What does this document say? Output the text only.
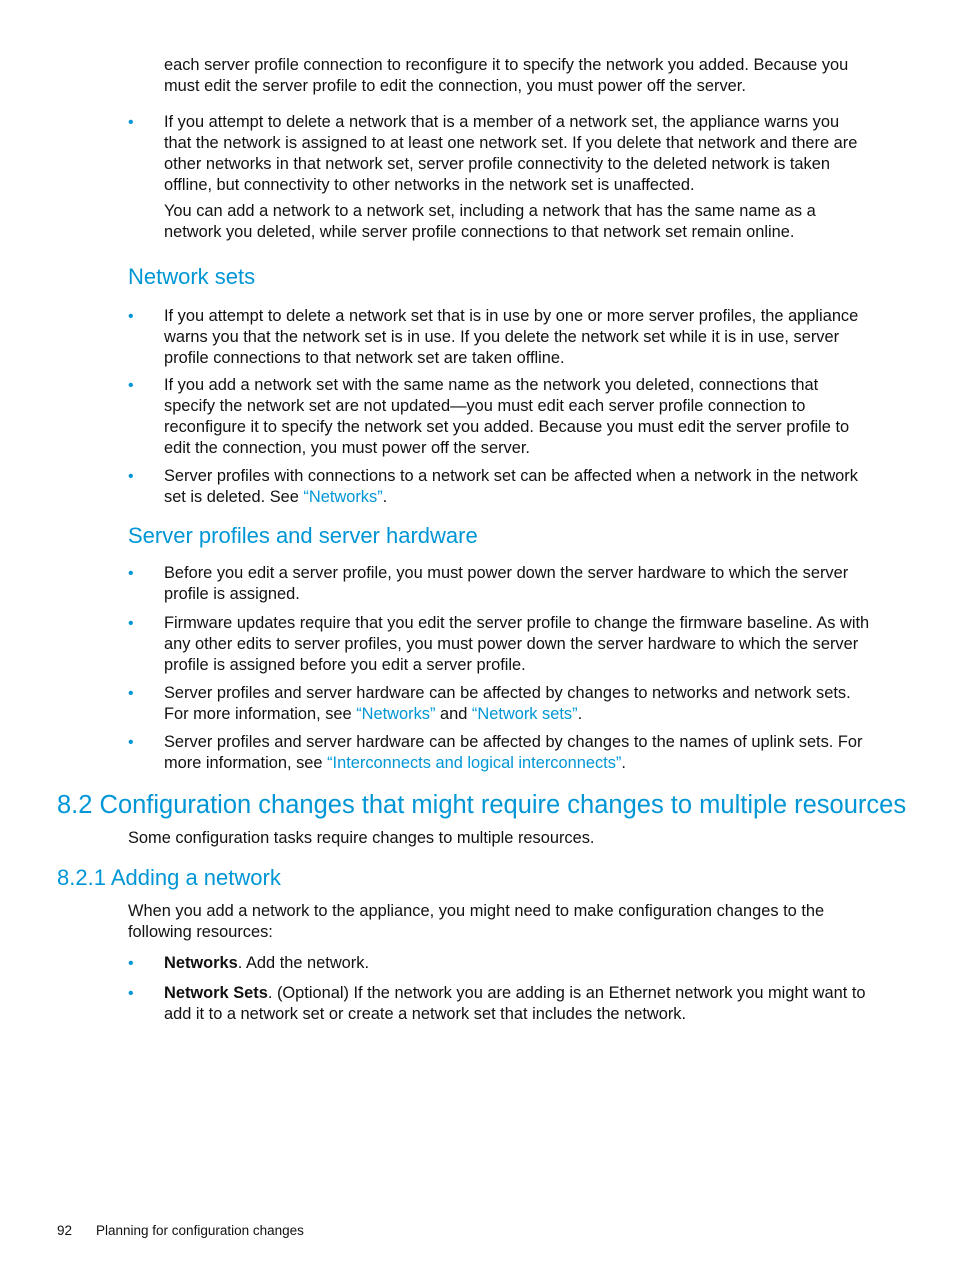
each server profile connection to reconfigure it to specify the network you added. Because you must edit the server profile to edit the connection, you must power off the server.

• If you attempt to delete a network that is a member of a network set, the appliance warns you that the network is assigned to at least one network set. If you delete that network and there are other networks in that network set, server profile connectivity to the deleted network is taken offline, but connectivity to other networks in the network set is unaffected.

You can add a network to a network set, including a network that has the same name as a network you deleted, while server profile connections to that network set remain online.

Network sets
• If you attempt to delete a network set that is in use by one or more server profiles, the appliance warns you that the network set is in use. If you delete the network set while it is in use, server profile connections to that network set are taken offline.

• If you add a network set with the same name as the network you deleted, connections that specify the network set are not updated—you must edit each server profile connection to reconfigure it to specify the network set you added. Because you must edit the server profile to edit the connection, you must power off the server.

• Server profiles with connections to a network set can be affected when a network in the network set is deleted. See “Networks”.

Server profiles and server hardware
• Before you edit a server profile, you must power down the server hardware to which the server profile is assigned.

• Firmware updates require that you edit the server profile to change the firmware baseline. As with any other edits to server profiles, you must power down the server hardware to which the server profile is assigned before you edit a server profile.

• Server profiles and server hardware can be affected by changes to networks and network sets. For more information, see “Networks” and “Network sets”.

• Server profiles and server hardware can be affected by changes to the names of uplink sets. For more information, see “Interconnects and logical interconnects”.

8.2 Configuration changes that might require changes to multiple resources

Some configuration tasks require changes to multiple resources.

8.2.1 Adding a network

When you add a network to the appliance, you might need to make configuration changes to the following resources:

• Networks. Add the network.

• Network Sets. (Optional) If the network you are adding is an Ethernet network you might want to add it to a network set or create a network set that includes the network.

92 Planning for configuration changes
